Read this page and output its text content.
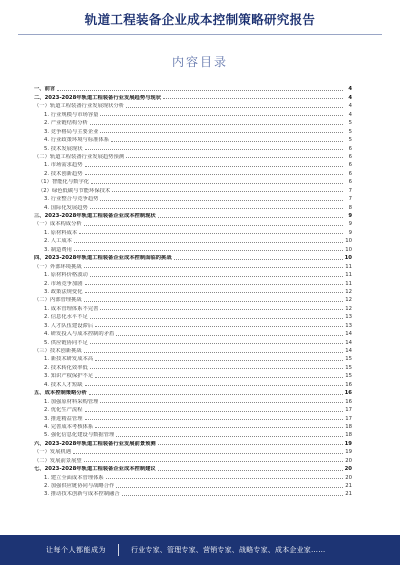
轨道工程装备企业成本控制策略研究报告
内容目录
一、前言	4
二、2023-2028年轨道工程装备行业发展趋势与现状	4
（一）轨道工程装备行业发展现状分析	4
1. 行业规模与市场容量	4
2. 产业链结构分析	5
3. 竞争格局与主要企业	5
4. 行业政策环境与标准体系	5
5. 技术发展现状	6
（二）轨道工程装备行业发展趋势预测	6
1. 市场需求趋势	6
2. 技术创新趋势	6
（1）智能化与数字化	6
（2）绿色低碳与节能环保技术	7
3. 行业整合与竞争趋势	7
4. 国际化发展趋势	8
三、2023-2028年轨道工程装备企业成本控制现状	9
（一）成本构成分析	9
1. 原材料成本	9
2. 人工成本	10
3. 制造费用	10
四、2023-2028年轨道工程装备企业成本控制面临的挑战	10
（一）外部环境挑战	11
1. 原材料价格波动	11
2. 市场竞争加剧	11
3. 政策法规变化	12
（二）内部管理挑战	12
1. 成本管理体系不完善	12
2. 信息化水平不足	13
3. 人才队伍建设滞后	13
4. 研发投入与成本控制的矛盾	14
5. 供应链协同不足	14
（三）技术创新挑战	14
1. 新技术研发成本高	15
2. 技术转化效率低	15
3. 知识产权保护不足	15
4. 技术人才短缺	16
五、成本控制策略分析	16
1. 加强原材料采购管理	16
2. 优化生产流程	17
3. 推进精益管理	17
4. 完善成本考核体系	18
5. 强化信息化建设与数据管理	18
六、2023-2028年轨道工程装备行业发展前景预测	19
（一）发展机遇	19
（二）发展前景展望	20
七、2023-2028年轨道工程装备企业成本控制建议	20
1. 建立全面成本管理体系	20
2. 加强供应链协同与战略合作	21
3. 推动技术创新与成本控制融合	21
让每个人都能成为	行业专家、管理专家、营销专家、战略专家、成本企业家……
